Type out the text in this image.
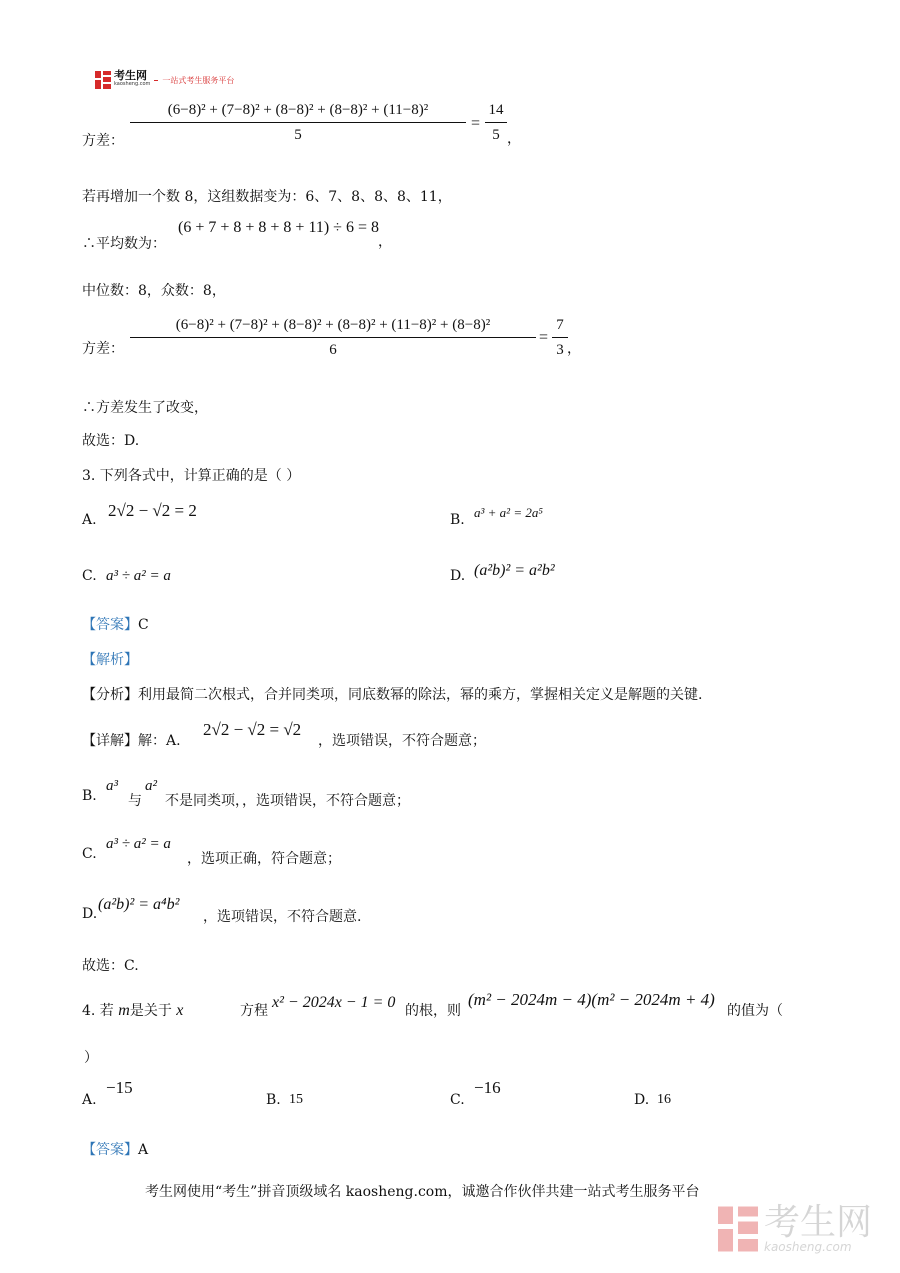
考生网
kaosheng.com 一站式考生服务平台
方差：
(6−8)² + (7−8)² + (8−8)² + (8−8)² + (11−8)²
5
=
14
5 ，
若再增加一个数 8，这组数据变为：6、7、8、8、8、11，
∴平均数为：
(6 + 7 + 8 + 8 + 8 + 11) ÷ 6 = 8
，
中位数：8，众数：8，
方差：
(6−8)² + (7−8)² + (8−8)² + (8−8)² + (11−8)² + (8−8)²
6
=
7
3 ，
∴方差发生了改变，
故选：D.
3. 下列各式中，计算正确的是（ ）
A. 2√2 − √2 = 2	B. a³ + a² = 2a⁵
C. a³ ÷ a² = a	D. (a²b)² = a²b²
【答案】C
【解析】
【分析】利用最简二次根式，合并同类项，同底数幂的除法，幂的乘方，掌握相关定义是解题的关键.
【详解】解：A.
2√2 − √2 = √2
，选项错误，不符合题意；
B.
a³
与
a²
不是同类项，，选项错误，不符合题意；
C.
a³ ÷ a² = a
，选项正确，符合题意；
D.
(a²b)² = a⁴b²
，选项错误，不符合题意.
故选：C.
4. 若 m是关于 x	方程 x² − 2024x − 1 = 0 的根，则
(m² − 2024m − 4)(m² − 2024m + 4)
的值为（
）
A.
−15
B. 15	C.
−16
D. 16
【答案】A
考生网使用“考生”拼音顶级域名 kaosheng.com，诚邀合作伙伴共建一站式考生服务平台
考生网
kaosheng.com
